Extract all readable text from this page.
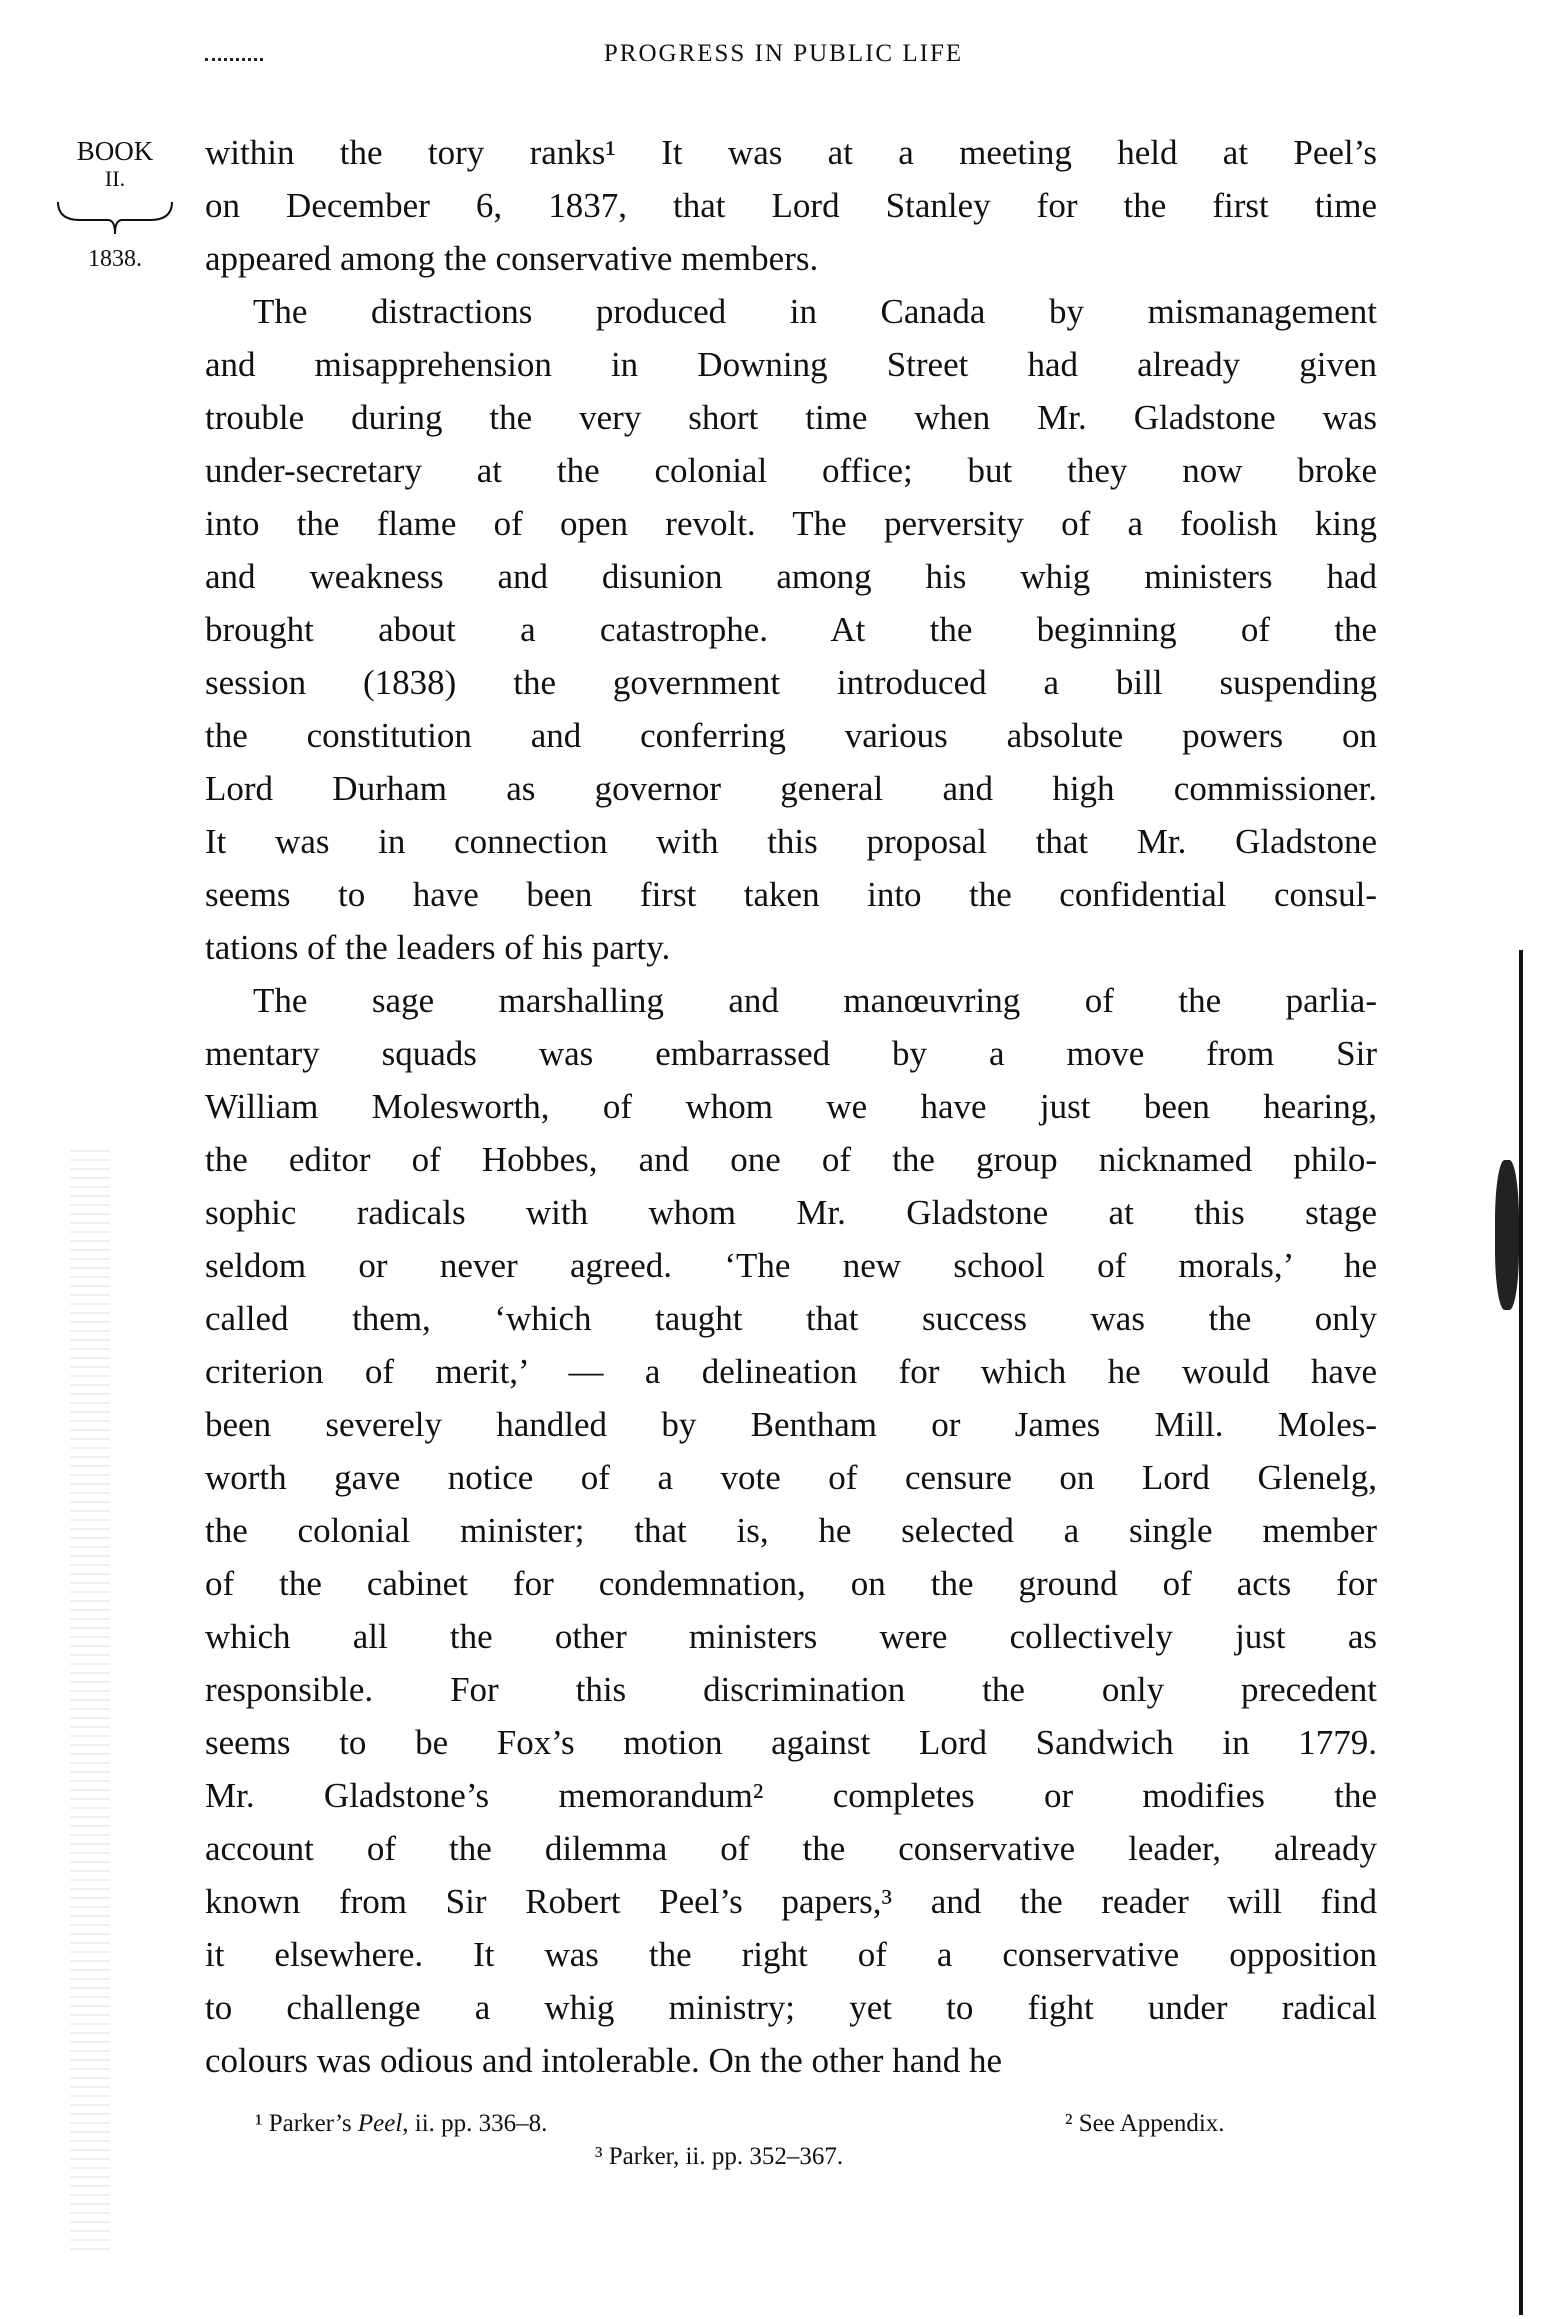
PROGRESS IN PUBLIC LIFE
BOOK
II.
1838.
within the tory ranks¹ It was at a meeting held at Peel’s
on December 6, 1837, that Lord Stanley for the first time
appeared among the conservative members.
The distractions produced in Canada by mismanagement
and misapprehension in Downing Street had already given
trouble during the very short time when Mr. Gladstone was
under-secretary at the colonial office; but they now broke
into the flame of open revolt. The perversity of a foolish king
and weakness and disunion among his whig ministers had
brought about a catastrophe. At the beginning of the
session (1838) the government introduced a bill suspending
the constitution and conferring various absolute powers on
Lord Durham as governor general and high commissioner.
It was in connection with this proposal that Mr. Gladstone
seems to have been first taken into the confidential consul-
tations of the leaders of his party.
The sage marshalling and manœuvring of the parlia-
mentary squads was embarrassed by a move from Sir
William Molesworth, of whom we have just been hearing,
the editor of Hobbes, and one of the group nicknamed philo-
sophic radicals with whom Mr. Gladstone at this stage
seldom or never agreed. ‘The new school of morals,’ he
called them, ‘which taught that success was the only
criterion of merit,’ — a delineation for which he would have
been severely handled by Bentham or James Mill. Moles-
worth gave notice of a vote of censure on Lord Glenelg,
the colonial minister; that is, he selected a single member
of the cabinet for condemnation, on the ground of acts for
which all the other ministers were collectively just as
responsible. For this discrimination the only precedent
seems to be Fox’s motion against Lord Sandwich in 1779.
Mr. Gladstone’s memorandum² completes or modifies the
account of the dilemma of the conservative leader, already
known from Sir Robert Peel’s papers,³ and the reader will find
it elsewhere. It was the right of a conservative opposition
to challenge a whig ministry; yet to fight under radical
colours was odious and intolerable. On the other hand he
¹ Parker’s Peel, ii. pp. 336–8.	² See Appendix.
³ Parker, ii. pp. 352–367.
